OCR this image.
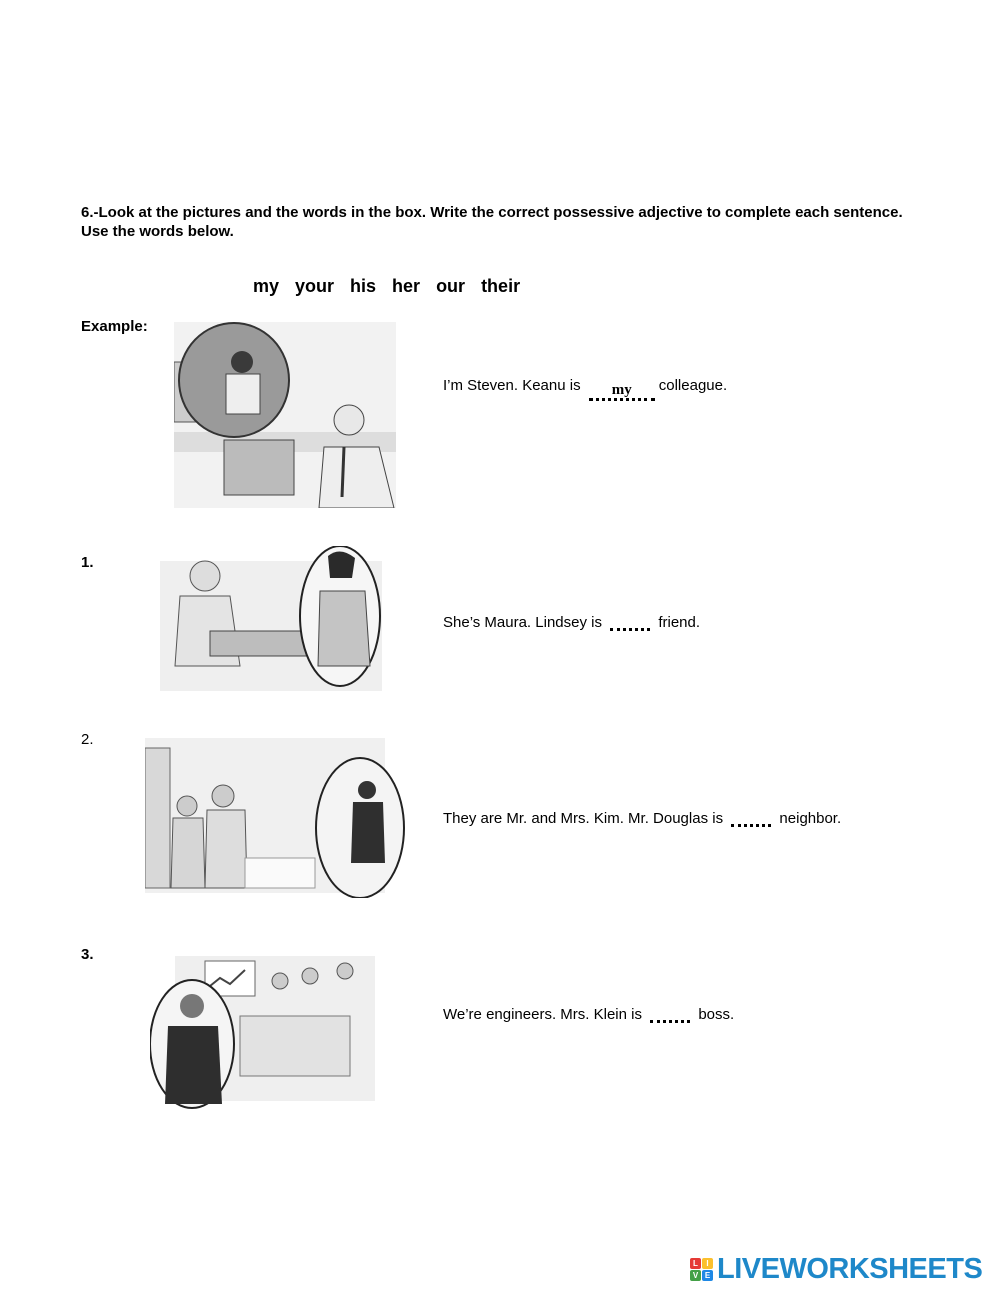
6.-Look at the pictures and the words in the box. Write the correct possessive adjective to complete each sentence. Use the words below.
my your his her our their
Example:
I’m Steven. Keanu is my colleague.
1.
She’s Maura. Lindsey is	friend.
2.
They are Mr. and Mrs. Kim. Mr. Douglas is	neighbor.
3.
We’re engineers. Mrs. Klein is	boss.
L	I
V E LIVEWORKSHEETS
